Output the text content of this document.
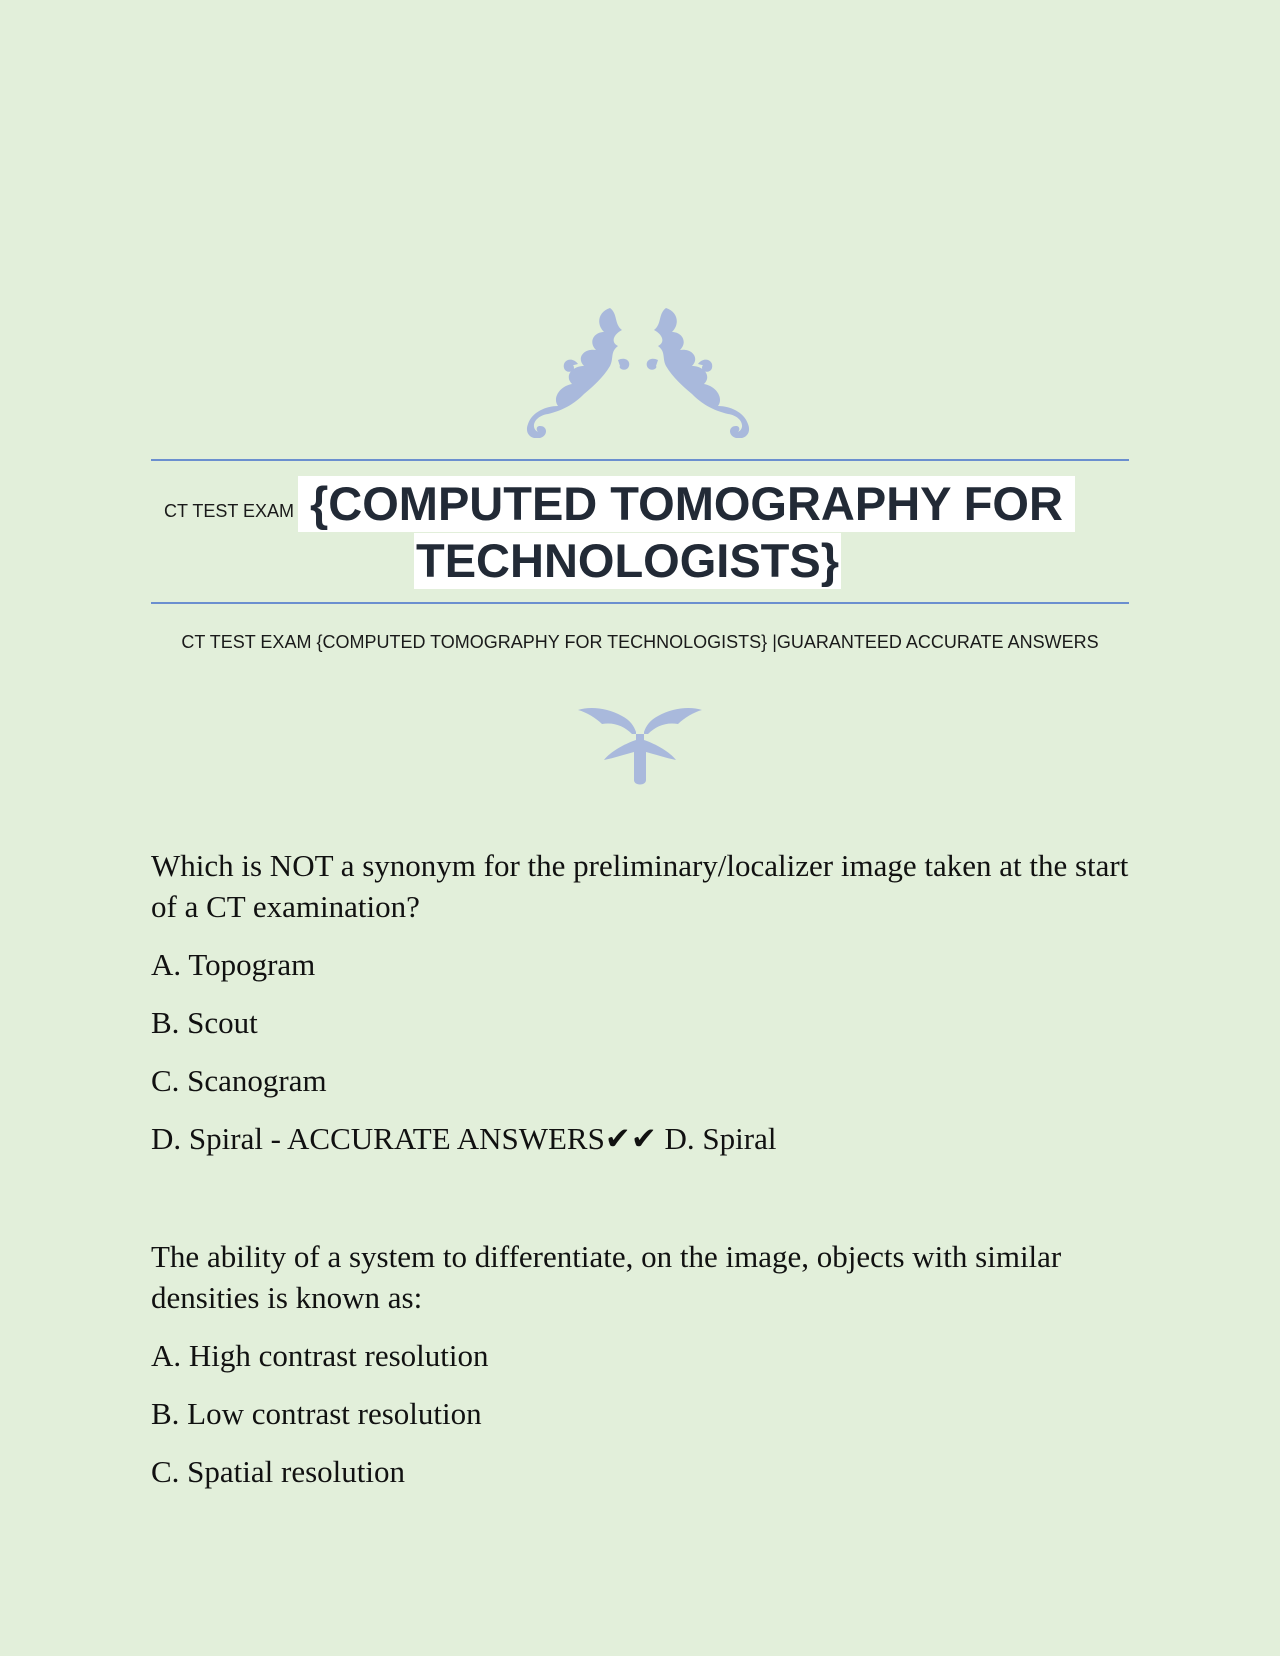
CT TEST EXAM {COMPUTED TOMOGRAPHY FOR
TECHNOLOGISTS}
CT TEST EXAM {COMPUTED TOMOGRAPHY FOR TECHNOLOGISTS} |GUARANTEED ACCURATE ANSWERS
Which is NOT a synonym for the preliminary/localizer image taken at the start of a CT examination?
A. Topogram
B. Scout
C. Scanogram
D. Spiral - ACCURATE ANSWERS✔✔ D. Spiral
The ability of a system to differentiate, on the image, objects with similar densities is known as:
A. High contrast resolution
B. Low contrast resolution
C. Spatial resolution
